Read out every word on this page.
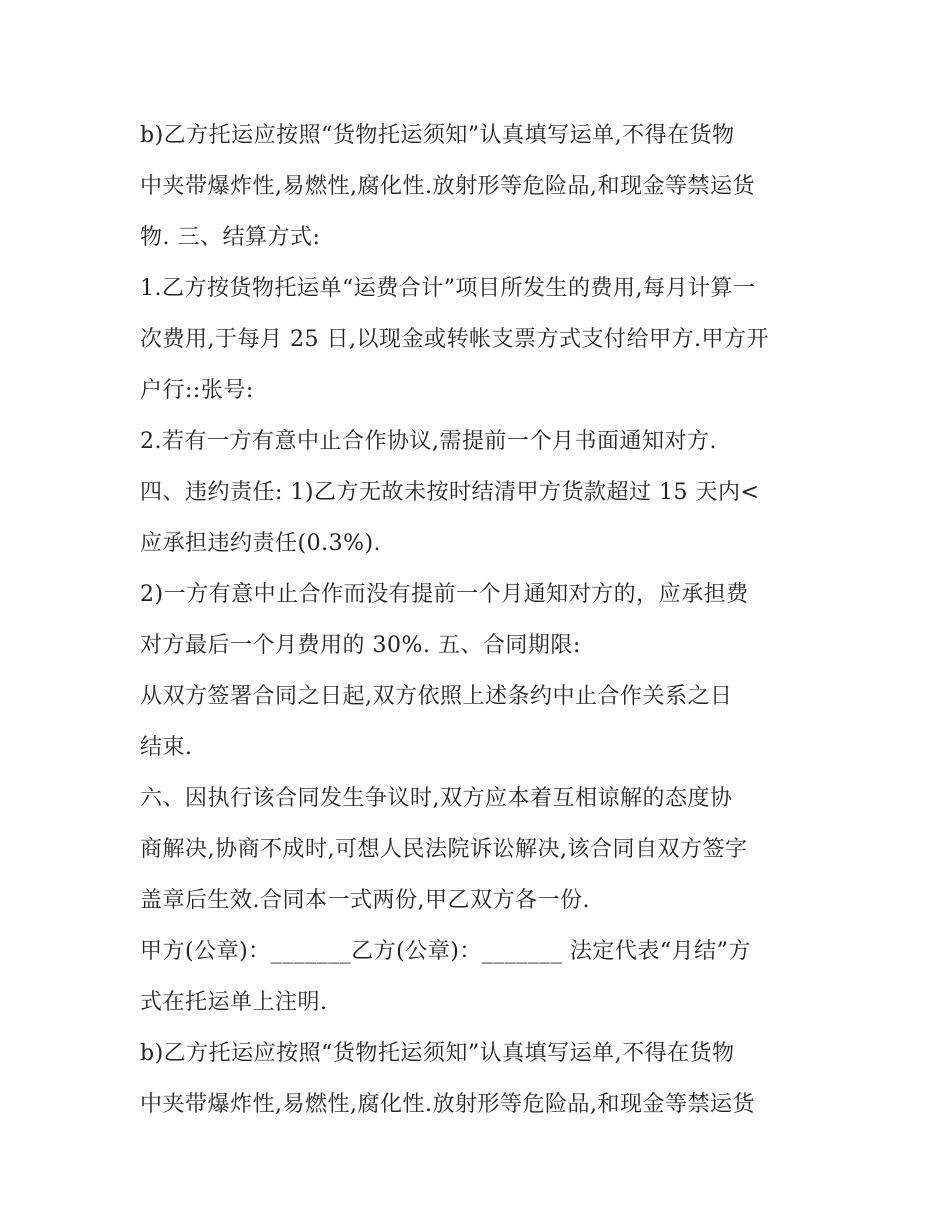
b)乙方托运应按照“货物托运须知”认真填写运单,不得在货物
中夹带爆炸性,易燃性,腐化性.放射形等危险品,和现金等禁运货
物. 三、结算方式:
1.乙方按货物托运单“运费合计”项目所发生的费用,每月计算一
次费用,于每月 25 日,以现金或转帐支票方式支付给甲方.甲方开
户行::张号:
2.若有一方有意中止合作协议,需提前一个月书面通知对方.
四、违约责任: 1)乙方无故未按时结清甲方货款超过 15 天内<
应承担违约责任(0.3%).
2)一方有意中止合作而没有提前一个月通知对方的，应承担费
对方最后一个月费用的 30%. 五、合同期限:
从双方签署合同之日起,双方依照上述条约中止合作关系之日
结束.
六、因执行该合同发生争议时,双方应本着互相谅解的态度协
商解决,协商不成时,可想人民法院诉讼解决,该合同自双方签字
盖章后生效.合同本一式两份,甲乙双方各一份.
甲方(公章)：_______乙方(公章)：_______ 法定代表“月结”方
式在托运单上注明.
b)乙方托运应按照“货物托运须知”认真填写运单,不得在货物
中夹带爆炸性,易燃性,腐化性.放射形等危险品,和现金等禁运货
